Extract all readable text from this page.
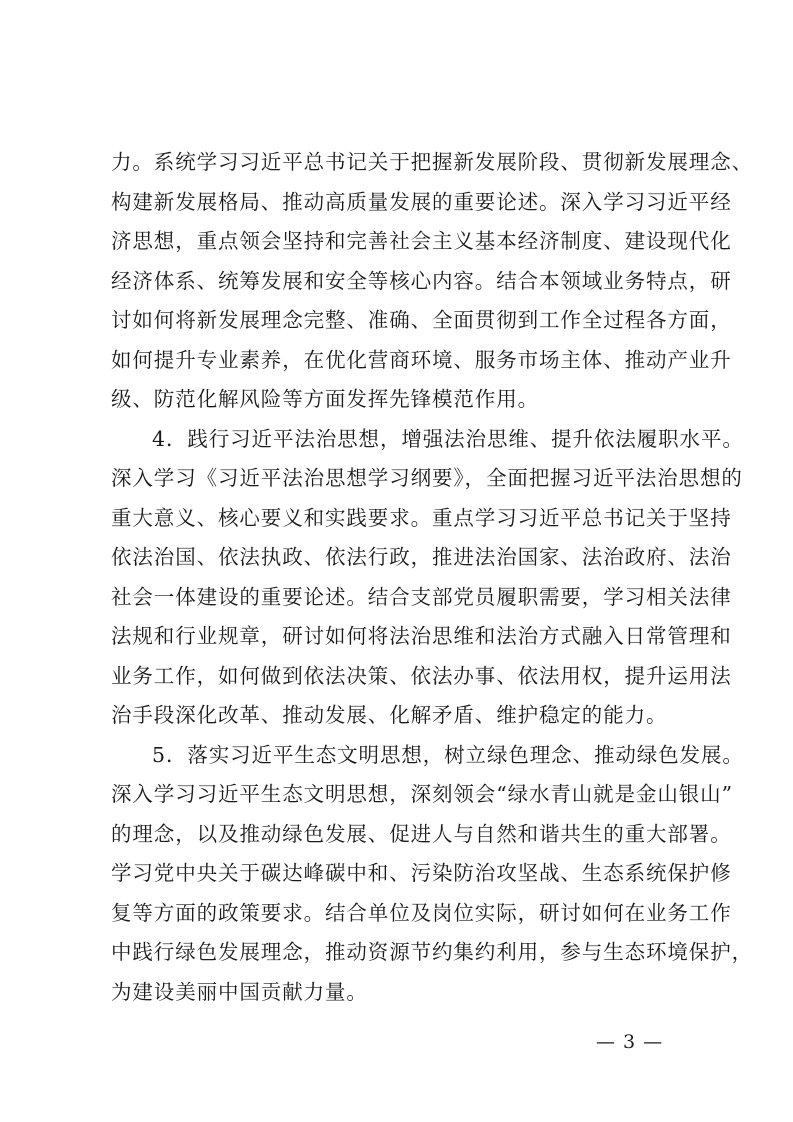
力。系统学习习近平总书记关于把握新发展阶段、贯彻新发展理念、
构建新发展格局、推动高质量发展的重要论述。深入学习习近平经
济思想，重点领会坚持和完善社会主义基本经济制度、建设现代化
经济体系、统筹发展和安全等核心内容。结合本领域业务特点，研
讨如何将新发展理念完整、准确、全面贯彻到工作全过程各方面，
如何提升专业素养，在优化营商环境、服务市场主体、推动产业升
级、防范化解风险等方面发挥先锋模范作用。
4．践行习近平法治思想，增强法治思维、提升依法履职水平。
深入学习《习近平法治思想学习纲要》，全面把握习近平法治思想的
重大意义、核心要义和实践要求。重点学习习近平总书记关于坚持
依法治国、依法执政、依法行政，推进法治国家、法治政府、法治
社会一体建设的重要论述。结合支部党员履职需要，学习相关法律
法规和行业规章，研讨如何将法治思维和法治方式融入日常管理和
业务工作，如何做到依法决策、依法办事、依法用权，提升运用法
治手段深化改革、推动发展、化解矛盾、维护稳定的能力。
5．落实习近平生态文明思想，树立绿色理念、推动绿色发展。
深入学习习近平生态文明思想，深刻领会“绿水青山就是金山银山”
的理念，以及推动绿色发展、促进人与自然和谐共生的重大部署。
学习党中央关于碳达峰碳中和、污染防治攻坚战、生态系统保护修
复等方面的政策要求。结合单位及岗位实际，研讨如何在业务工作
中践行绿色发展理念，推动资源节约集约利用，参与生态环境保护，
为建设美丽中国贡献力量。
— 3 —
